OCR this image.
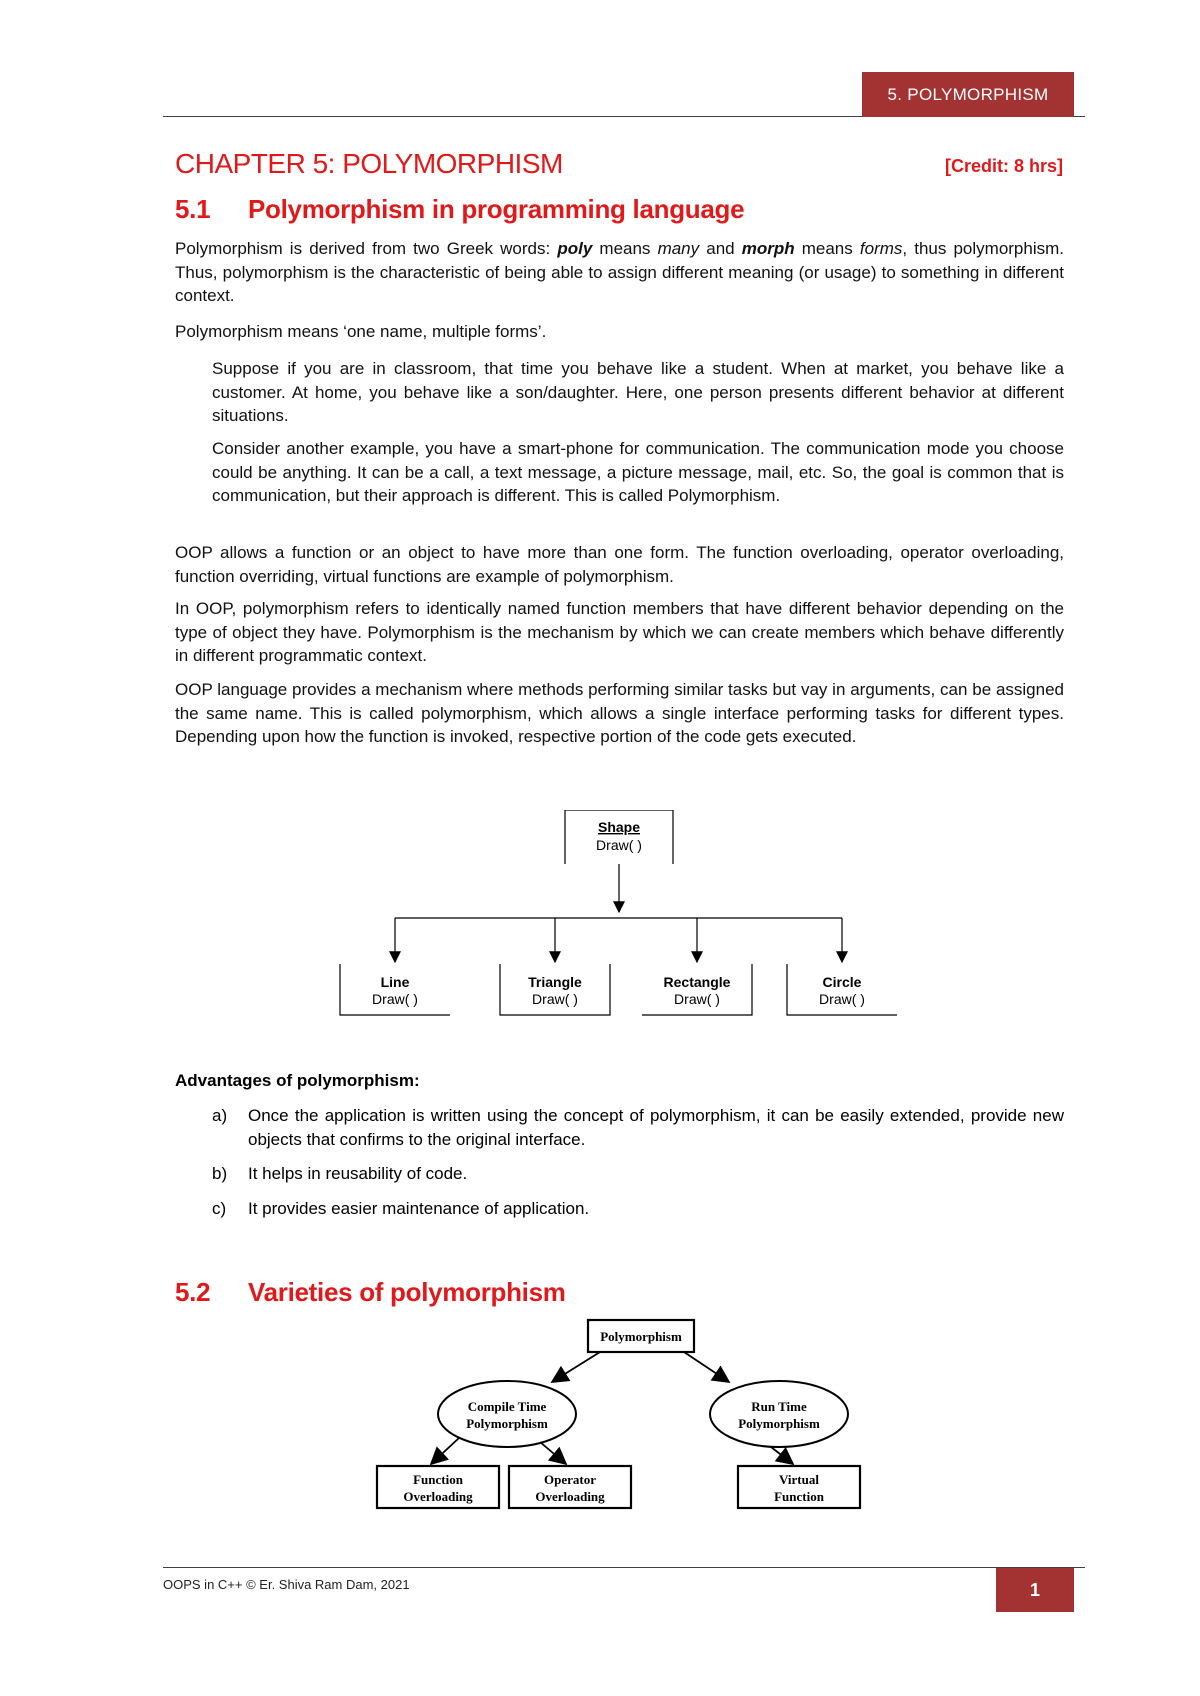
5. POLYMORPHISM
CHAPTER 5: POLYMORPHISM	[Credit: 8 hrs]
5.1 Polymorphism in programming language

Polymorphism is derived from two Greek words: poly means many and morph means forms, thus polymorphism. Thus, polymorphism is the characteristic of being able to assign different meaning (or usage) to something in different context.

Polymorphism means ‘one name, multiple forms’.

Suppose if you are in classroom, that time you behave like a student. When at market, you behave like a customer. At home, you behave like a son/daughter. Here, one person presents different behavior at different situations.

Consider another example, you have a smart-phone for communication. The communication mode you choose could be anything. It can be a call, a text message, a picture message, mail, etc. So, the goal is common that is communication, but their approach is different. This is called Polymorphism.

OOP allows a function or an object to have more than one form. The function overloading, operator overloading, function overriding, virtual functions are example of polymorphism.

In OOP, polymorphism refers to identically named function members that have different behavior depending on the type of object they have. Polymorphism is the mechanism by which we can create members which behave differently in different programmatic context.

OOP language provides a mechanism where methods performing similar tasks but vay in arguments, can be assigned the same name. This is called polymorphism, which allows a single interface performing tasks for different types. Depending upon how the function is invoked, respective portion of the code gets executed.

Shape
Draw( )
Line
Draw( )
Triangle
Draw( )
Rectangle
Draw( )
Circle
Draw( )

Advantages of polymorphism:

a) Once the application is written using the concept of polymorphism, it can be easily extended, provide new objects that confirms to the original interface.
b) It helps in reusability of code.
c) It provides easier maintenance of application.
5.2 Varieties of polymorphism
Polymorphism
Compile Time
Polymorphism
Run Time
Polymorphism
Function
Overloading
Operator
Overloading
Virtual
Function
OOPS in C++ © Er. Shiva Ram Dam, 2021	1
